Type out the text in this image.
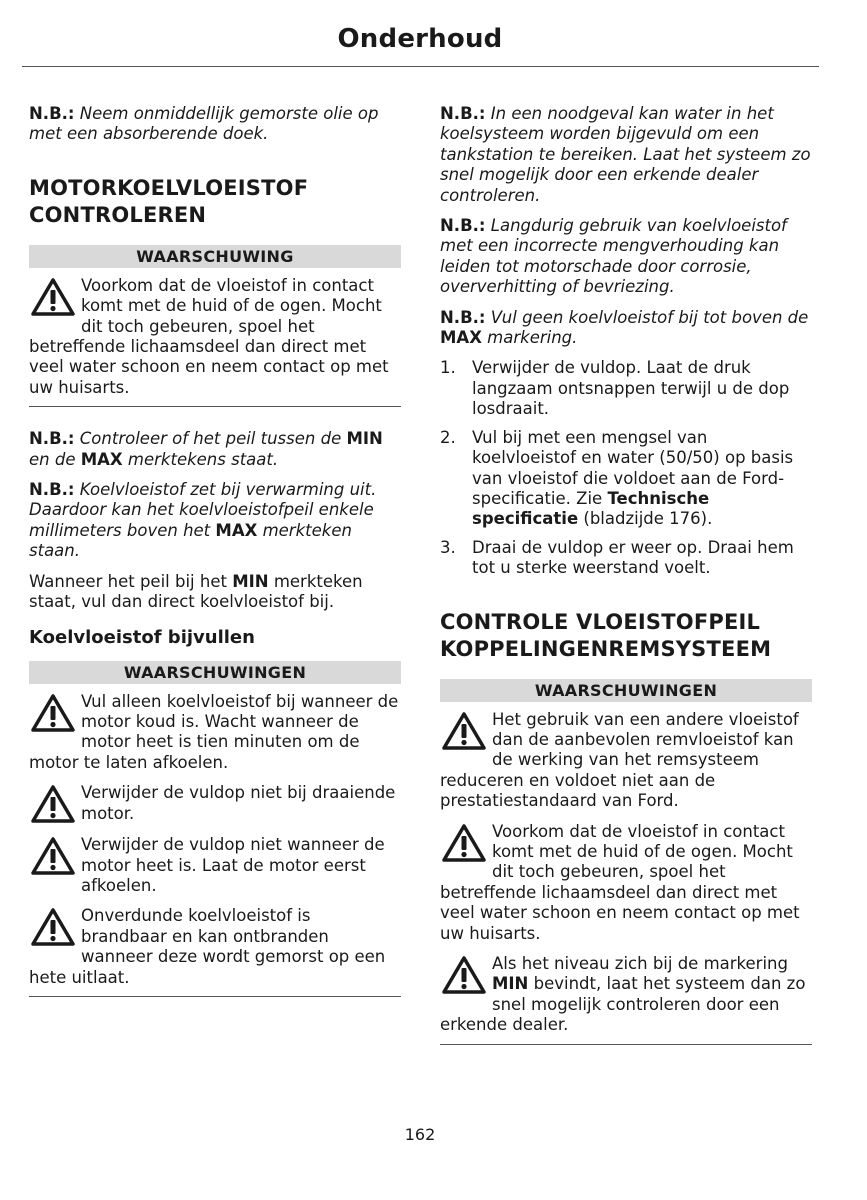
Onderhoud

N.B.: Neem onmiddellijk gemorste olie op met een absorberende doek.

MOTORKOELVLOEISTOF CONTROLEREN
WAARSCHUWING
Voorkom dat de vloeistof in contact komt met de huid of de ogen. Mocht dit toch gebeuren, spoel het betreffende lichaamsdeel dan direct met veel water schoon en neem contact op met uw huisarts.

N.B.: Controleer of het peil tussen de MIN en de MAX merktekens staat.

N.B.: Koelvloeistof zet bij verwarming uit. Daardoor kan het koelvloeistofpeil enkele millimeters boven het MAX merkteken staan.

Wanneer het peil bij het MIN merkteken staat, vul dan direct koelvloeistof bij.

Koelvloeistof bijvullen
WAARSCHUWINGEN
Vul alleen koelvloeistof bij wanneer de motor koud is. Wacht wanneer de motor heet is tien minuten om de motor te laten afkoelen.
Verwijder de vuldop niet bij draaiende motor.
Verwijder de vuldop niet wanneer de motor heet is. Laat de motor eerst afkoelen.
Onverdunde koelvloeistof is brandbaar en kan ontbranden wanneer deze wordt gemorst op een hete uitlaat.

N.B.: In een noodgeval kan water in het koelsysteem worden bijgevuld om een tankstation te bereiken. Laat het systeem zo snel mogelijk door een erkende dealer controleren.

N.B.: Langdurig gebruik van koelvloeistof met een incorrecte mengverhouding kan leiden tot motorschade door corrosie, oververhitting of bevriezing.

N.B.: Vul geen koelvloeistof bij tot boven de MAX markering.

1. Verwijder de vuldop. Laat de druk langzaam ontsnappen terwijl u de dop losdraait.
2. Vul bij met een mengsel van koelvloeistof en water (50/50) op basis van vloeistof die voldoet aan de Ford-specificatie. Zie Technische specificatie (bladzijde 176).
3. Draai de vuldop er weer op. Draai hem tot u sterke weerstand voelt.
CONTROLE VLOEISTOFPEIL KOPPELINGENREMSYSTEEM
WAARSCHUWINGEN
Het gebruik van een andere vloeistof dan de aanbevolen remvloeistof kan de werking van het remsysteem reduceren en voldoet niet aan de prestatiestandaard van Ford.
Voorkom dat de vloeistof in contact komt met de huid of de ogen. Mocht dit toch gebeuren, spoel het betreffende lichaamsdeel dan direct met veel water schoon en neem contact op met uw huisarts.
Als het niveau zich bij de markering MIN bevindt, laat het systeem dan zo snel mogelijk controleren door een erkende dealer.
162
